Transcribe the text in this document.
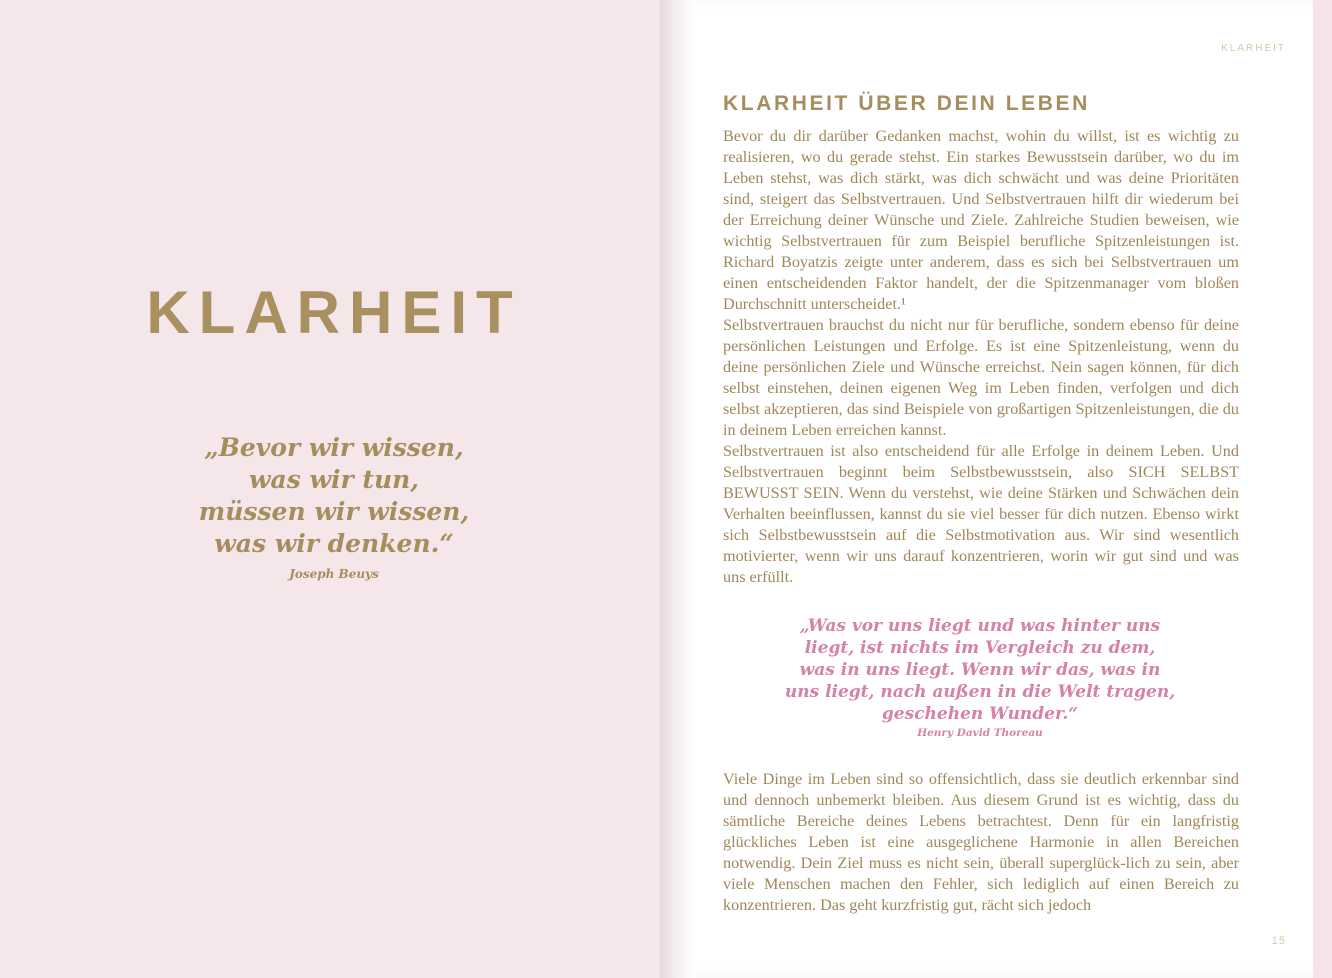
KLARHEIT
„Bevor wir wissen,
was wir tun,
müssen wir wissen,
was wir denken.“
Joseph Beuys
KLARHEIT
KLARHEIT ÜBER DEIN LEBEN

Bevor du dir darüber Gedanken machst, wohin du willst, ist es wichtig zu realisieren, wo du gerade stehst. Ein starkes Bewusstsein darüber, wo du im Leben stehst, was dich stärkt, was dich schwächt und was deine Prioritäten sind, steigert das Selbstvertrauen. Und Selbstvertrauen hilft dir wiederum bei der Erreichung deiner Wünsche und Ziele. Zahlreiche Studien beweisen, wie wichtig Selbstvertrauen für zum Beispiel berufliche Spitzenleistungen ist. Richard Boyatzis zeigte unter anderem, dass es sich bei Selbstvertrauen um einen entscheidenden Faktor handelt, der die Spitzenmanager vom bloßen Durchschnitt unterscheidet.¹

Selbstvertrauen brauchst du nicht nur für berufliche, sondern ebenso für deine persönlichen Leistungen und Erfolge. Es ist eine Spitzenleistung, wenn du deine persönlichen Ziele und Wünsche erreichst. Nein sagen können, für dich selbst einstehen, deinen eigenen Weg im Leben finden, verfolgen und dich selbst akzeptieren, das sind Beispiele von großartigen Spitzenleistungen, die du in deinem Leben erreichen kannst.

Selbstvertrauen ist also entscheidend für alle Erfolge in deinem Leben. Und Selbstvertrauen beginnt beim Selbstbewusstsein, also SICH SELBST BEWUSST SEIN. Wenn du verstehst, wie deine Stärken und Schwächen dein Verhalten beeinflussen, kannst du sie viel besser für dich nutzen. Ebenso wirkt sich Selbstbewusstsein auf die Selbstmotivation aus. Wir sind wesentlich motivierter, wenn wir uns darauf konzentrieren, worin wir gut sind und was uns erfüllt.

„Was vor uns liegt und was hinter uns
liegt, ist nichts im Vergleich zu dem,
was in uns liegt. Wenn wir das, was in
uns liegt, nach außen in die Welt tragen,
geschehen Wunder.“
Henry David Thoreau

Viele Dinge im Leben sind so offensichtlich, dass sie deutlich erkennbar sind und dennoch unbemerkt bleiben. Aus diesem Grund ist es wichtig, dass du sämtliche Bereiche deines Lebens betrachtest. Denn für ein langfristig glückliches Leben ist eine ausgeglichene Harmonie in allen Bereichen notwendig. Dein Ziel muss es nicht sein, überall superglück-lich zu sein, aber viele Menschen machen den Fehler, sich lediglich auf einen Bereich zu konzentrieren. Das geht kurzfristig gut, rächt sich jedoch

15
